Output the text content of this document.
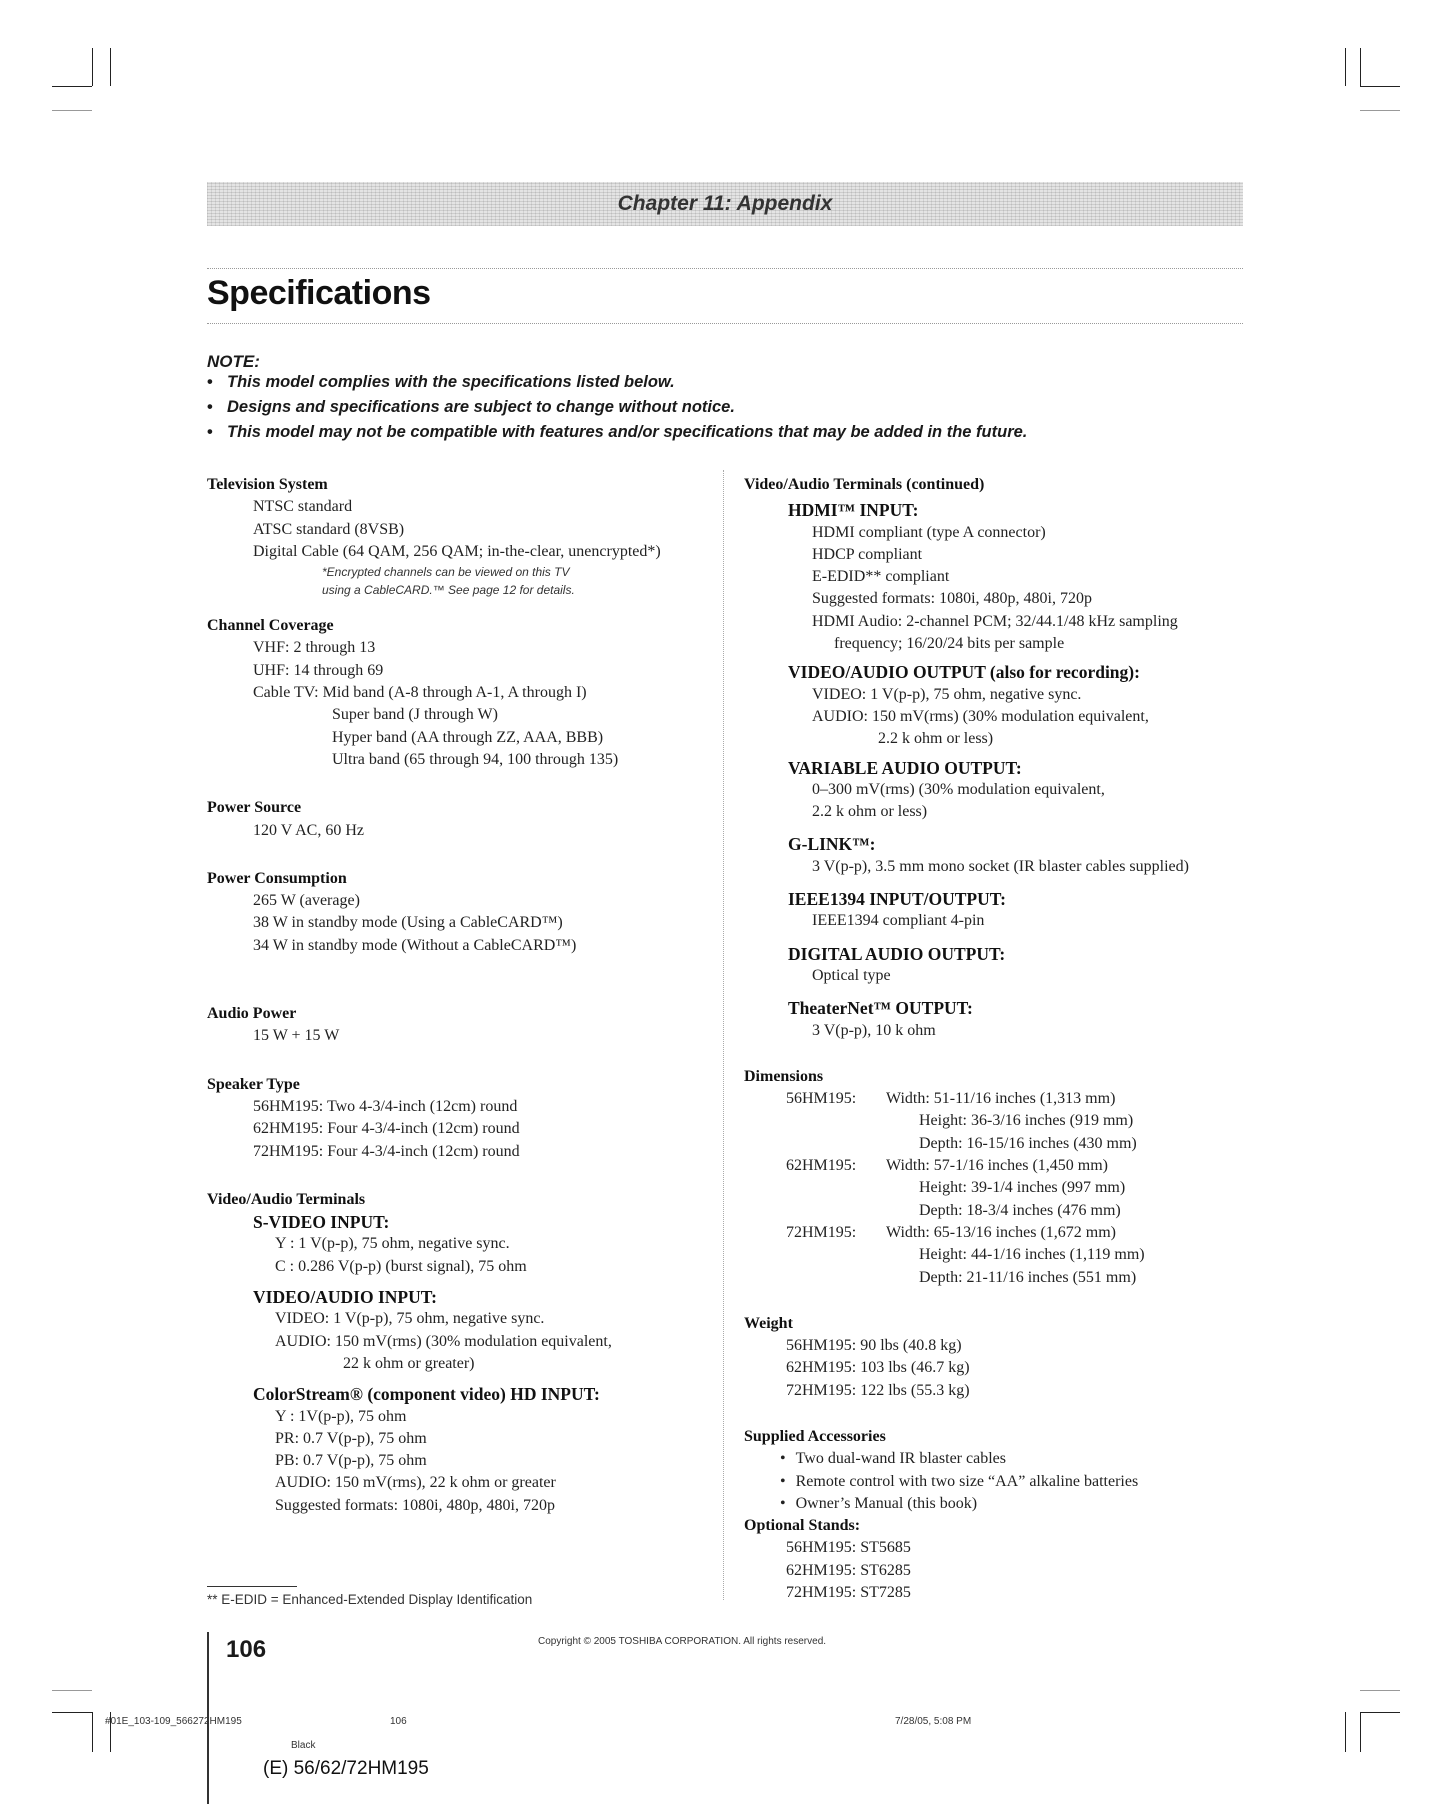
Chapter 11: Appendix
Specifications
NOTE:
• This model complies with the specifications listed below.
• Designs and specifications are subject to change without notice.
• This model may not be compatible with features and/or specifications that may be added in the future.

Television System

NTSC standard

ATSC standard (8VSB)

Digital Cable (64 QAM, 256 QAM; in-the-clear, unencrypted*)

*Encrypted channels can be viewed on this TV

using a CableCARD.™ See page 12 for details.

Channel Coverage

VHF: 2 through 13

UHF: 14 through 69

Cable TV: Mid band (A-8 through A-1, A through I)

Super band (J through W)

Hyper band (AA through ZZ, AAA, BBB)

Ultra band (65 through 94, 100 through 135)

Power Source

120 V AC, 60 Hz

Power Consumption

265 W (average)

38 W in standby mode (Using a CableCARD™)

34 W in standby mode (Without a CableCARD™)

Audio Power

15 W + 15 W

Speaker Type

56HM195: Two 4-3/4-inch (12cm) round

62HM195: Four 4-3/4-inch (12cm) round

72HM195: Four 4-3/4-inch (12cm) round

Video/Audio Terminals

S-VIDEO INPUT:

Y : 1 V(p-p), 75 ohm, negative sync.

C : 0.286 V(p-p) (burst signal), 75 ohm

VIDEO/AUDIO INPUT:

VIDEO: 1 V(p-p), 75 ohm, negative sync.

AUDIO: 150 mV(rms) (30% modulation equivalent,

22 k ohm or greater)

ColorStream® (component video) HD INPUT:

Y : 1V(p-p), 75 ohm

PR: 0.7 V(p-p), 75 ohm

PB: 0.7 V(p-p), 75 ohm

AUDIO: 150 mV(rms), 22 k ohm or greater

Suggested formats: 1080i, 480p, 480i, 720p

** E-EDID = Enhanced-Extended Display Identification

Video/Audio Terminals (continued)

HDMI™ INPUT:

HDMI compliant (type A connector)

HDCP compliant

E-EDID** compliant

Suggested formats: 1080i, 480p, 480i, 720p

HDMI Audio: 2-channel PCM; 32/44.1/48 kHz sampling

frequency; 16/20/24 bits per sample

VIDEO/AUDIO OUTPUT (also for recording):

VIDEO: 1 V(p-p), 75 ohm, negative sync.

AUDIO: 150 mV(rms) (30% modulation equivalent,

2.2 k ohm or less)

VARIABLE AUDIO OUTPUT:

0–300 mV(rms) (30% modulation equivalent,

2.2 k ohm or less)

G-LINK™:

3 V(p-p), 3.5 mm mono socket (IR blaster cables supplied)

IEEE1394 INPUT/OUTPUT:

IEEE1394 compliant 4-pin

DIGITAL AUDIO OUTPUT:

Optical type

TheaterNet™ OUTPUT:

3 V(p-p), 10 k ohm

Dimensions

56HM195:	Width: 51-11/16 inches (1,313 mm)
Height: 36-3/16 inches (919 mm)
Depth: 16-15/16 inches (430 mm)
62HM195:	Width: 57-1/16 inches (1,450 mm)
Height: 39-1/4 inches (997 mm)
Depth: 18-3/4 inches (476 mm)
72HM195:	Width: 65-13/16 inches (1,672 mm)
Height: 44-1/16 inches (1,119 mm)
Depth: 21-11/16 inches (551 mm)

Weight

56HM195: 90 lbs (40.8 kg)

62HM195: 103 lbs (46.7 kg)

72HM195: 122 lbs (55.3 kg)

Supplied Accessories

• Two dual-wand IR blaster cables

• Remote control with two size “AA” alkaline batteries

• Owner’s Manual (this book)

Optional Stands:

56HM195: ST5685

62HM195: ST6285

72HM195: ST7285

106	Copyright © 2005 TOSHIBA CORPORATION. All rights reserved.
#01E_103-109_566272HM195	106	7/28/05, 5:08 PM
Black
(E) 56/62/72HM195
